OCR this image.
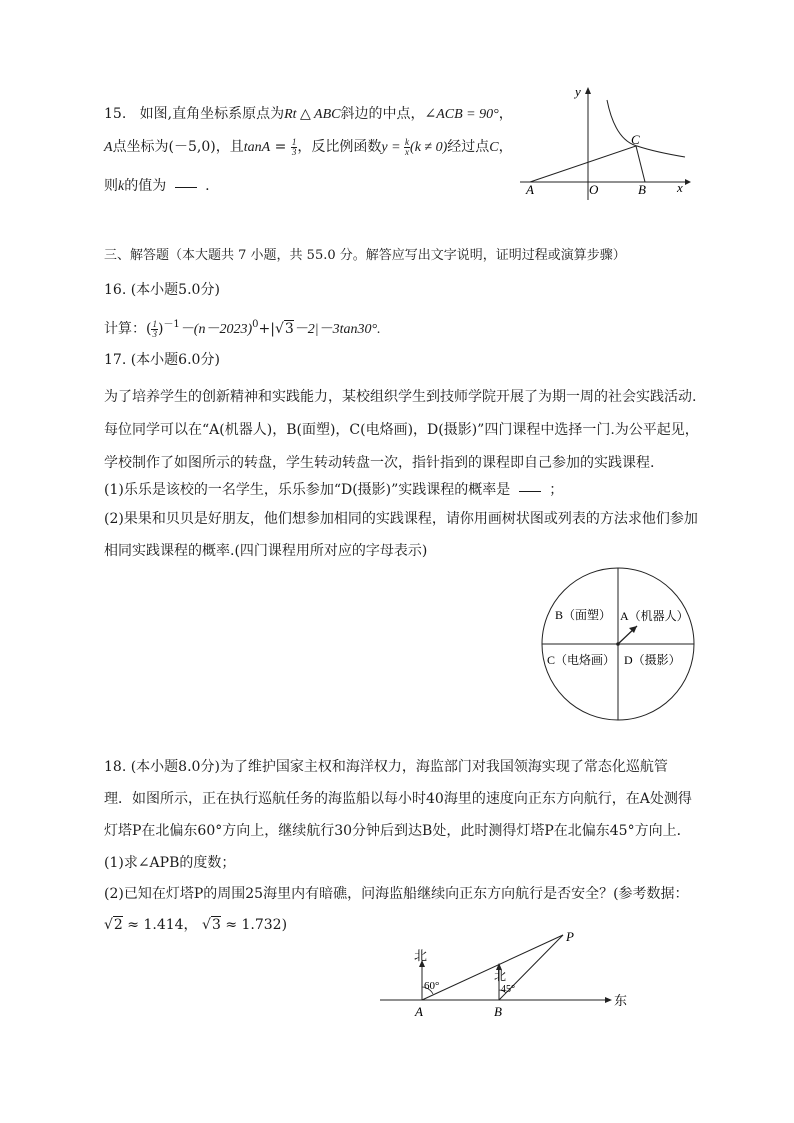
15. 如图,直角坐标系原点为Rt △ ABC斜边的中点，∠ACB = 90°，
A点坐标为(－5,0)，且$\tan A = \frac{1}{3}$ ，反比例函数$y = \frac{k}{x} (k \ne 0)$经过点C，
则k的值为	.
y
x
A	O	B
C
三、解答题（本大题共 7 小题，共 55.0 分。解答应写出文字说明，证明过程或演算步骤）
16. (本小题5.0分)
计算：( $\frac{1}{3} )^{-1}-(n-2023)^0+|√3-2|-3\tan 30^\circ$.
17. (本小题6.0分)
为了培养学生的创新精神和实践能力，某校组织学生到技师学院开展了为期一周的社会实践活动.
每位同学可以在“A(机器人)，B(面塑)，C(电烙画)，D(摄影)”四门课程中选择一门.为公平起见，
学校制作了如图所示的转盘，学生转动转盘一次，指针指到的课程即自己参加的实践课程.
(1)乐乐是该校的一名学生，乐乐参加“D(摄影)”实践课程的概率是	；
(2)果果和贝贝是好朋友，他们想参加相同的实践课程，请你用画树状图或列表的方法求他们参加
相同实践课程的概率.(四门课程用所对应的字母表示)
B（面塑） A（机器人）
C（电烙画） D（摄影）
18. (本小题8.0分)为了维护国家主权和海洋权力，海监部门对我国领海实现了常态化巡航管
理．如图所示，正在执行巡航任务的海监船以每小时40海里的速度向正东方向航行，在A处测得
灯塔P在北偏东60°方向上，继续航行30分钟后到达B处，此时测得灯塔P在北偏东45°方向上．
(1)求∠APB的度数；
(2)已知在灯塔P的周围25海里内有暗礁，问海监船继续向正东方向航行是否安全？(参考数据：
√2 ≈ 1.414， √3 ≈ 1.732)
北
北
60°	45°
A	B
P
东
